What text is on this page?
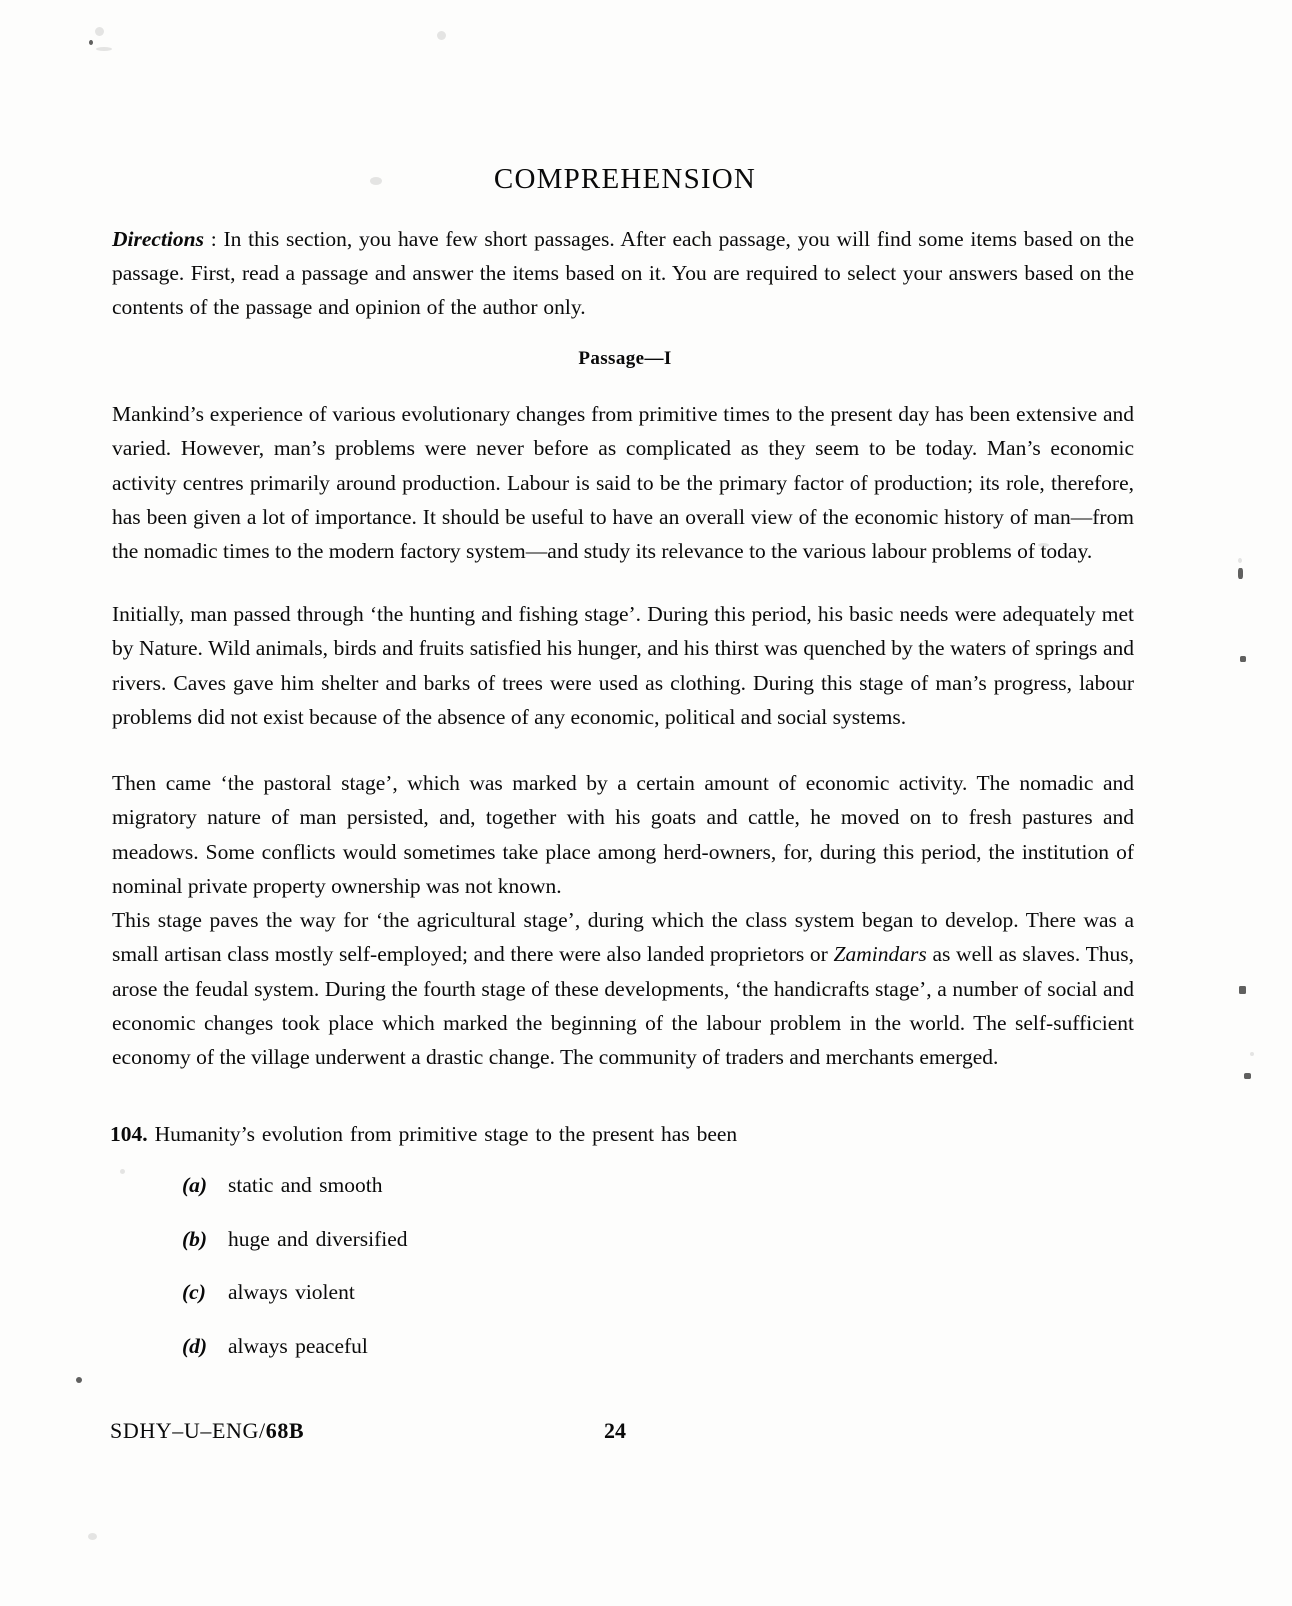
COMPREHENSION
Directions : In this section, you have few short passages. After each passage, you will find some items based on the passage. First, read a passage and answer the items based on it. You are required to select your answers based on the contents of the passage and opinion of the author only.
Passage—I
Mankind’s experience of various evolutionary changes from primitive times to the present day has been extensive and varied. However, man’s problems were never before as complicated as they seem to be today. Man’s economic activity centres primarily around production. Labour is said to be the primary factor of production; its role, therefore, has been given a lot of importance. It should be useful to have an overall view of the economic history of man—from the nomadic times to the modern factory system—and study its relevance to the various labour problems of today.
Initially, man passed through ‘the hunting and fishing stage’. During this period, his basic needs were adequately met by Nature. Wild animals, birds and fruits satisfied his hunger, and his thirst was quenched by the waters of springs and rivers. Caves gave him shelter and barks of trees were used as clothing. During this stage of man’s progress, labour problems did not exist because of the absence of any economic, political and social systems.
Then came ‘the pastoral stage’, which was marked by a certain amount of economic activity. The nomadic and migratory nature of man persisted, and, together with his goats and cattle, he moved on to fresh pastures and meadows. Some conflicts would sometimes take place among herd-owners, for, during this period, the institution of nominal private property ownership was not known.
This stage paves the way for ‘the agricultural stage’, during which the class system began to develop. There was a small artisan class mostly self-employed; and there were also landed proprietors or Zamindars as well as slaves. Thus, arose the feudal system. During the fourth stage of these developments, ‘the handicrafts stage’, a number of social and economic changes took place which marked the beginning of the labour problem in the world. The self-sufficient economy of the village underwent a drastic change. The community of traders and merchants emerged.
104. Humanity’s evolution from primitive stage to the present has been
(a) static and smooth
(b) huge and diversified
(c) always violent
(d) always peaceful
SDHY–U–ENG/68B	24
